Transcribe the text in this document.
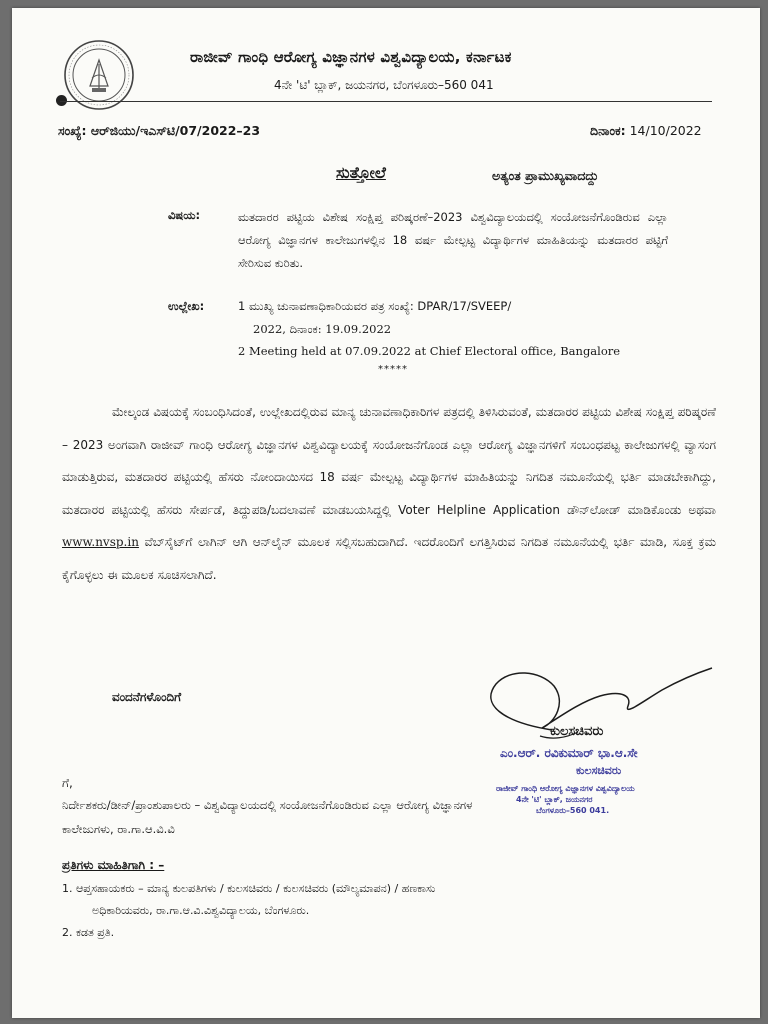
ರಾಜೀವ್ ಗಾಂಧಿ ಆರೋಗ್ಯ ವಿಜ್ಞಾನಗಳ ವಿಶ್ವವಿದ್ಯಾಲಯ, ಕರ್ನಾಟಕ
4ನೇ 'ಟಿ' ಬ್ಲಾಕ್, ಜಯನಗರ, ಬೆಂಗಳೂರು–560 041
ಸಂಖ್ಯೆ: ಆರ್‌ಜಿಯು/ಇಎಸ್‌ಟಿ/07/2022–23	ದಿನಾಂಕ: 14/10/2022
ಸುತ್ತೋಲೆ	ಅತ್ಯಂತ ಪ್ರಾಮುಖ್ಯವಾದದ್ದು
ವಿಷಯ:	ಮತದಾರರ ಪಟ್ಟಿಯ ವಿಶೇಷ ಸಂಕ್ಷಿಪ್ತ ಪರಿಷ್ಕರಣೆ–2023 ವಿಶ್ವವಿದ್ಯಾಲಯದಲ್ಲಿ ಸಂಯೋಜನೆಗೊಂಡಿರುವ ಎಲ್ಲಾ ಆರೋಗ್ಯ ವಿಜ್ಞಾನಗಳ ಕಾಲೇಜುಗಳಲ್ಲಿನ 18 ವರ್ಷ ಮೇಲ್ಪಟ್ಟ ವಿದ್ಯಾರ್ಥಿಗಳ ಮಾಹಿತಿಯನ್ನು ಮತದಾರರ ಪಟ್ಟಿಗೆ ಸೇರಿಸುವ ಕುರಿತು.
ಉಲ್ಲೇಖ:	1 ಮುಖ್ಯ ಚುನಾವಣಾಧಿಕಾರಿಯವರ ಪತ್ರ ಸಂಖ್ಯೆ: DPAR/17/SVEEP/
2022, ದಿನಾಂಕ: 19.09.2022
2 Meeting held at 07.09.2022 at Chief Electoral office, Bangalore
*****
ಮೇಲ್ಕಂಡ ವಿಷಯಕ್ಕೆ ಸಂಬಂಧಿಸಿದಂತೆ, ಉಲ್ಲೇಖದಲ್ಲಿರುವ ಮಾನ್ಯ ಚುನಾವಣಾಧಿಕಾರಿಗಳ ಪತ್ರದಲ್ಲಿ ತಿಳಿಸಿರುವಂತೆ, ಮತದಾರರ ಪಟ್ಟಿಯ ವಿಶೇಷ ಸಂಕ್ಷಿಪ್ತ ಪರಿಷ್ಕರಣೆ – 2023 ಅಂಗವಾಗಿ ರಾಜೀವ್ ಗಾಂಧಿ ಆರೋಗ್ಯ ವಿಜ್ಞಾನಗಳ ವಿಶ್ವವಿದ್ಯಾಲಯಕ್ಕೆ ಸಂಯೋಜನೆಗೊಂಡ ಎಲ್ಲಾ ಆರೋಗ್ಯ ವಿಜ್ಞಾನಗಳಿಗೆ ಸಂಬಂಧಪಟ್ಟ ಕಾಲೇಜುಗಳಲ್ಲಿ ವ್ಯಾಸಂಗ ಮಾಡುತ್ತಿರುವ, ಮತದಾರರ ಪಟ್ಟಿಯಲ್ಲಿ ಹೆಸರು ನೋಂದಾಯಿಸದ 18 ವರ್ಷ ಮೇಲ್ಪಟ್ಟ ವಿದ್ಯಾರ್ಥಿಗಳ ಮಾಹಿತಿಯನ್ನು ನಿಗದಿತ ನಮೂನೆಯಲ್ಲಿ ಭರ್ತಿ ಮಾಡಬೇಕಾಗಿದ್ದು, ಮತದಾರರ ಪಟ್ಟಿಯಲ್ಲಿ ಹೆಸರು ಸೇರ್ಪಡೆ, ತಿದ್ದುಪಡಿ/ಬದಲಾವಣೆ ಮಾಡಬಯಸಿದ್ದಲ್ಲಿ Voter Helpline Application ಡೌನ್‌ಲೋಡ್ ಮಾಡಿಕೊಂಡು ಅಥವಾ www.nvsp.in ವೆಬ್‌ಸೈಟ್‌ಗೆ ಲಾಗಿನ್ ಆಗಿ ಆನ್‌ಲೈನ್ ಮೂಲಕ ಸಲ್ಲಿಸಬಹುದಾಗಿದೆ. ಇದರೊಂದಿಗೆ ಲಗತ್ತಿಸಿರುವ ನಿಗದಿತ ನಮೂನೆಯಲ್ಲಿ ಭರ್ತಿ ಮಾಡಿ, ಸೂಕ್ತ ಕ್ರಮ ಕೈಗೊಳ್ಳಲು ಈ ಮೂಲಕ ಸೂಚಿಸಲಾಗಿದೆ.
ವಂದನೆಗಳೊಂದಿಗೆ
ಕುಲಸಚಿವರು
ಎಂ.ಆರ್. ರವಿಕುಮಾರ್ ಭಾ.ಆ.ಸೇ
ಕುಲಸಚಿವರು
ರಾಜೀವ್ ಗಾಂಧಿ ಆರೋಗ್ಯ ವಿಜ್ಞಾನಗಳ ವಿಶ್ವವಿದ್ಯಾಲಯ
4ನೇ 'ಟಿ' ಬ್ಲಾಕ್, ಜಯನಗರ
ಬೆಂಗಳೂರು–560 041.
ಗೆ,
ನಿರ್ದೇಶಕರು/ಡೀನ್/ಪ್ರಾಂಶುಪಾಲರು – ವಿಶ್ವವಿದ್ಯಾಲಯದಲ್ಲಿ ಸಂಯೋಜನೆಗೊಂಡಿರುವ ಎಲ್ಲಾ ಆರೋಗ್ಯ ವಿಜ್ಞಾನಗಳ
ಕಾಲೇಜುಗಳು, ರಾ.ಗಾ.ಆ.ವಿ.ವಿ
ಪ್ರತಿಗಳು ಮಾಹಿತಿಗಾಗಿ : –
1. ಆಪ್ತಸಹಾಯಕರು – ಮಾನ್ಯ ಕುಲಪತಿಗಳು / ಕುಲಸಚಿವರು / ಕುಲಸಚಿವರು (ಮೌಲ್ಯಮಾಪನ) / ಹಣಕಾಸು
ಅಧಿಕಾರಿಯವರು, ರಾ.ಗಾ.ಆ.ವಿ.ವಿಶ್ವವಿದ್ಯಾಲಯ, ಬೆಂಗಳೂರು.
2. ಕಡತ ಪ್ರತಿ.
